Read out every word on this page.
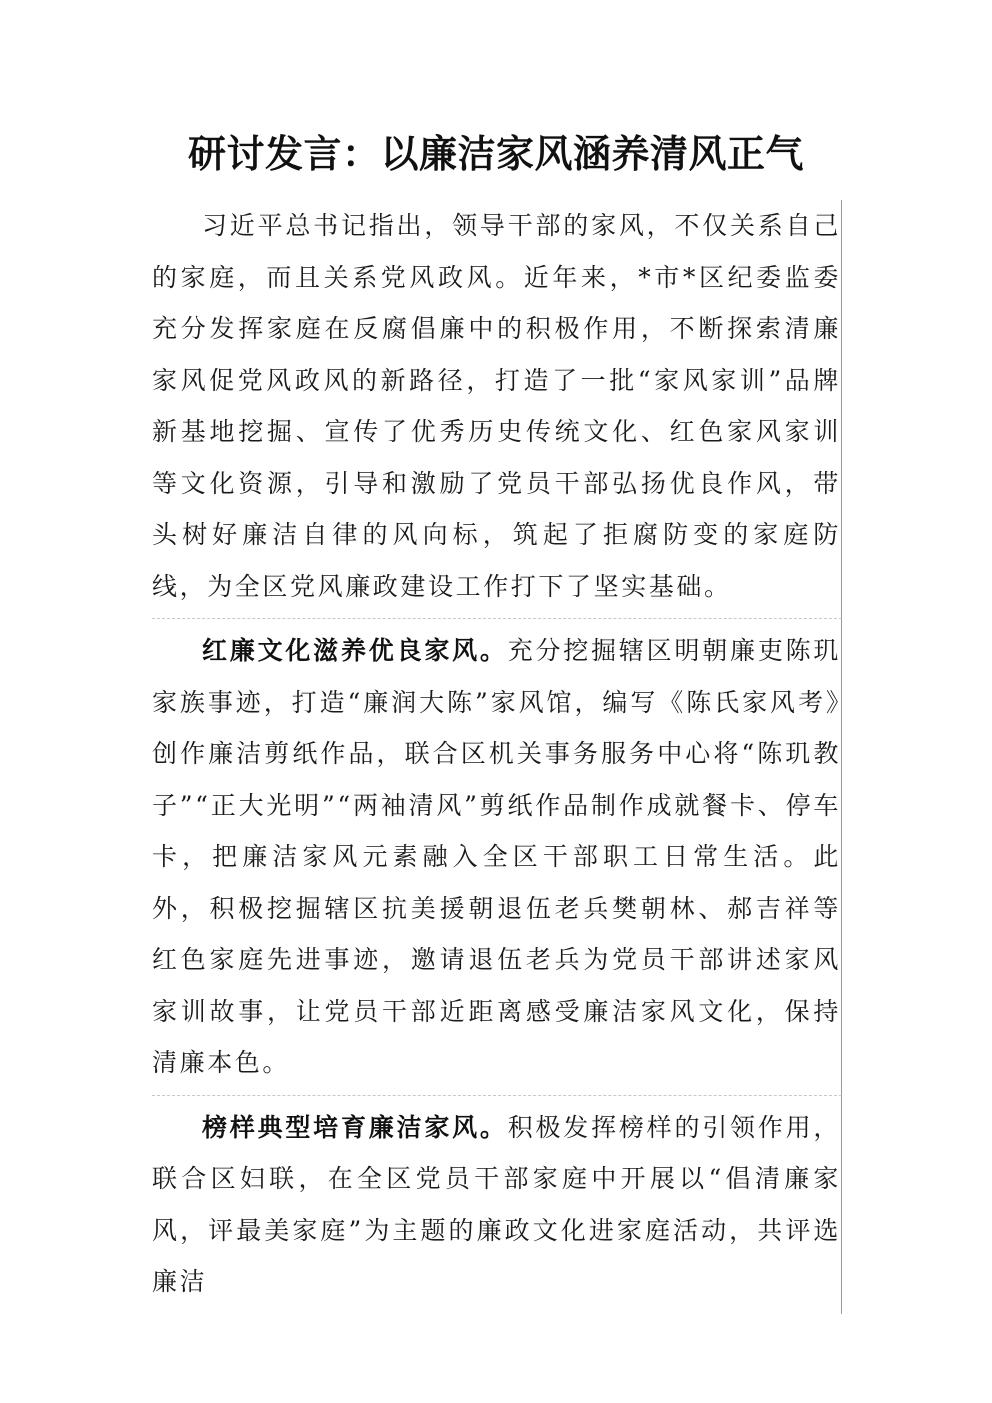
研讨发言：以廉洁家风涵养清风正气

习近平总书记指出，领导干部的家风，不仅关系自己的家庭，而且关系党风政风。近年来，*市*区纪委监委充分发挥家庭在反腐倡廉中的积极作用，不断探索清廉家风促党风政风的新路径，打造了一批“家风家训”品牌新基地挖掘、宣传了优秀历史传统文化、红色家风家训等文化资源，引导和激励了党员干部弘扬优良作风，带头树好廉洁自律的风向标，筑起了拒腐防变的家庭防线，为全区党风廉政建设工作打下了坚实基础。

红廉文化滋养优良家风。充分挖掘辖区明朝廉吏陈玑家族事迹，打造“廉润大陈”家风馆，编写《陈氏家风考》创作廉洁剪纸作品，联合区机关事务服务中心将“陈玑教子”“正大光明”“两袖清风”剪纸作品制作成就餐卡、停车卡，把廉洁家风元素融入全区干部职工日常生活。此外，积极挖掘辖区抗美援朝退伍老兵樊朝林、郝吉祥等红色家庭先进事迹，邀请退伍老兵为党员干部讲述家风家训故事，让党员干部近距离感受廉洁家风文化，保持清廉本色。

榜样典型培育廉洁家风。积极发挥榜样的引领作用，联合区妇联，在全区党员干部家庭中开展以“倡清廉家风，评最美家庭”为主题的廉政文化进家庭活动，共评选廉洁
